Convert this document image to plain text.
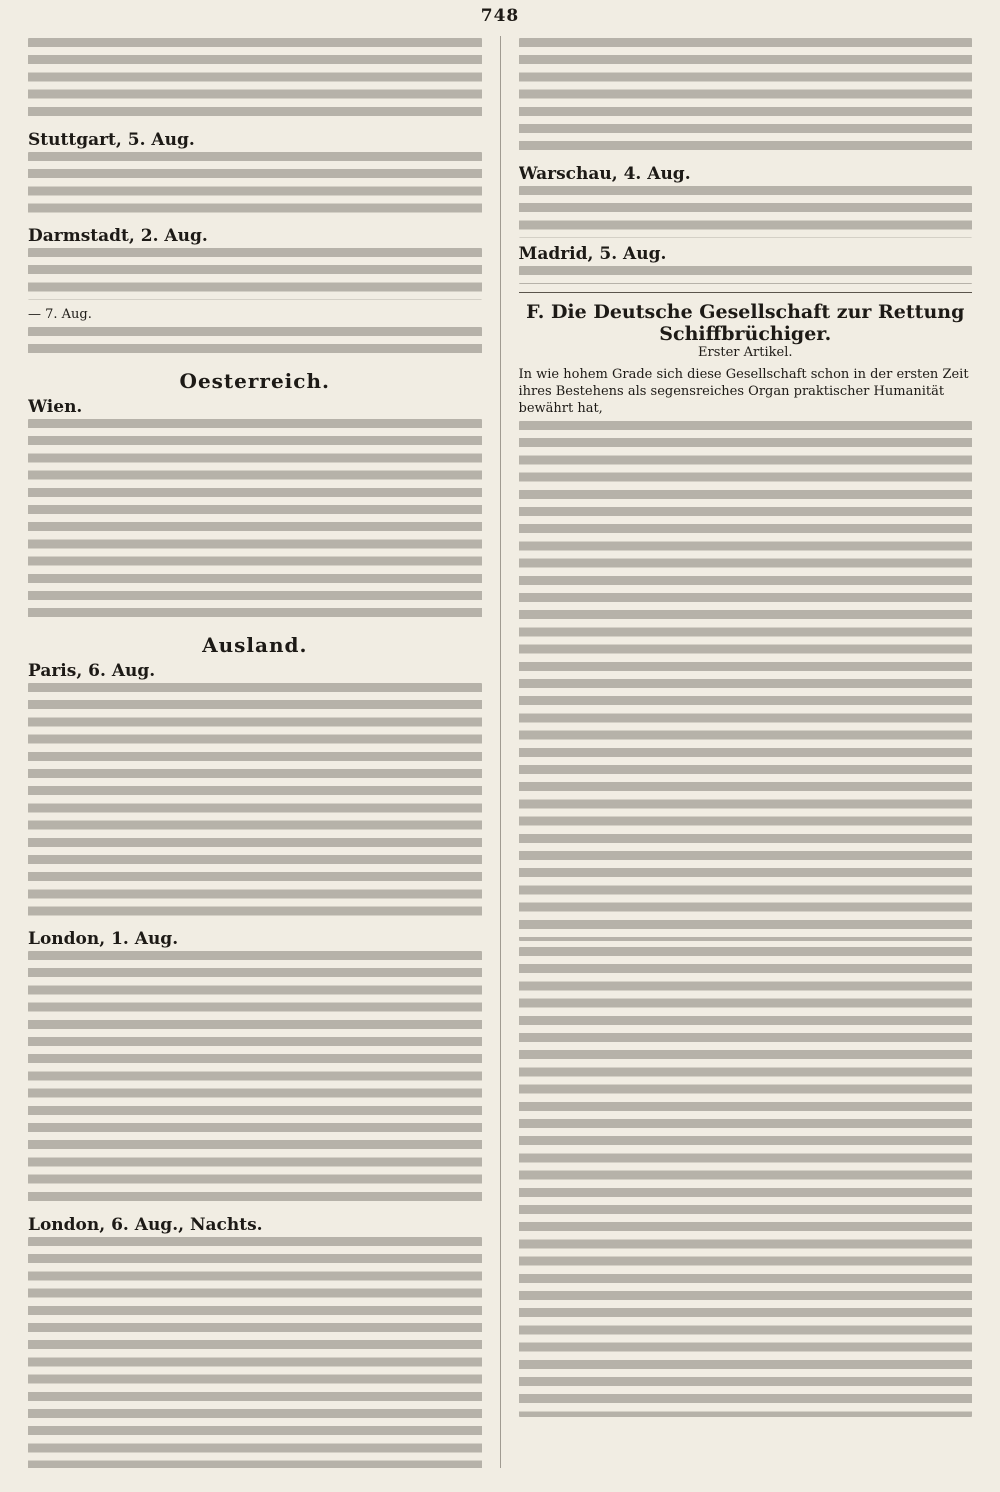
748
Stuttgart, 5. Aug.
Darmstadt, 2. Aug.
— 7. Aug.
Oesterreich.
Wien.
Ausland.
Paris, 6. Aug.
London, 1. Aug.
London, 6. Aug., Nachts.
Warschau, 4. Aug.
Madrid, 5. Aug.
F. Die Deutsche Gesellschaft zur Rettung Schiffbrüchiger.
Erster Artikel.
In wie hohem Grade sich diese Gesellschaft schon in der ersten Zeit ihres Bestehens als segensreiches Organ praktischer Humanität bewährt hat,
